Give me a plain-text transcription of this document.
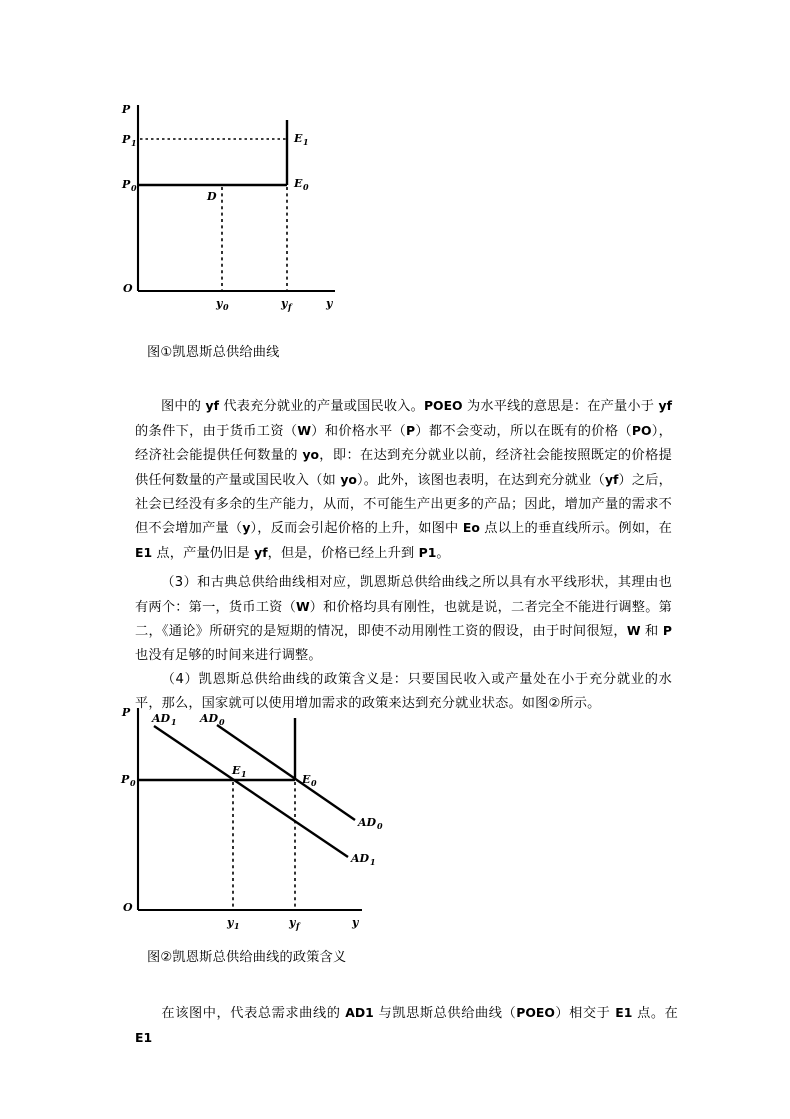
P
P 1
P 0
E 1
E 0
D
O
y 0	y f	y
图①凯恩斯总供给曲线

图中的 yf 代表充分就业的产量或国民收入。POEO 为水平线的意思是：在产量小于 yf 的条件下，由于货币工资（W）和价格水平（P）都不会变动，所以在既有的价格（PO），经济社会能提供任何数量的 yo，即：在达到充分就业以前，经济社会能按照既定的价格提供任何数量的产量或国民收入（如 yo）。此外，该图也表明，在达到充分就业（yf）之后，社会已经没有多余的生产能力，从而，不可能生产出更多的产品；因此，增加产量的需求不但不会增加产量（y），反而会引起价格的上升，如图中 Eo 点以上的垂直线所示。例如，在 E1 点，产量仍旧是 yf，但是，价格已经上升到 P1。

（3）和古典总供给曲线相对应，凯恩斯总供给曲线之所以具有水平线形状，其理由也有两个：第一，货币工资（W）和价格均具有刚性，也就是说，二者完全不能进行调整。第二，《通论》所研究的是短期的情况，即使不动用刚性工资的假设，由于时间很短，W 和 P 也没有足够的时间来进行调整。

（4）凯恩斯总供给曲线的政策含义是：只要国民收入或产量处在小于充分就业的水平，那么，国家就可以使用增加需求的政策来达到充分就业状态。如图②所示。

P
P 0
AD 1 AD 0
E 1	E 0
AD 0
AD 1
O
y 1	y f	y
图②凯恩斯总供给曲线的政策含义

在该图中，代表总需求曲线的 AD1 与凯思斯总供给曲线（POEO）相交于 E1 点。在 E1
